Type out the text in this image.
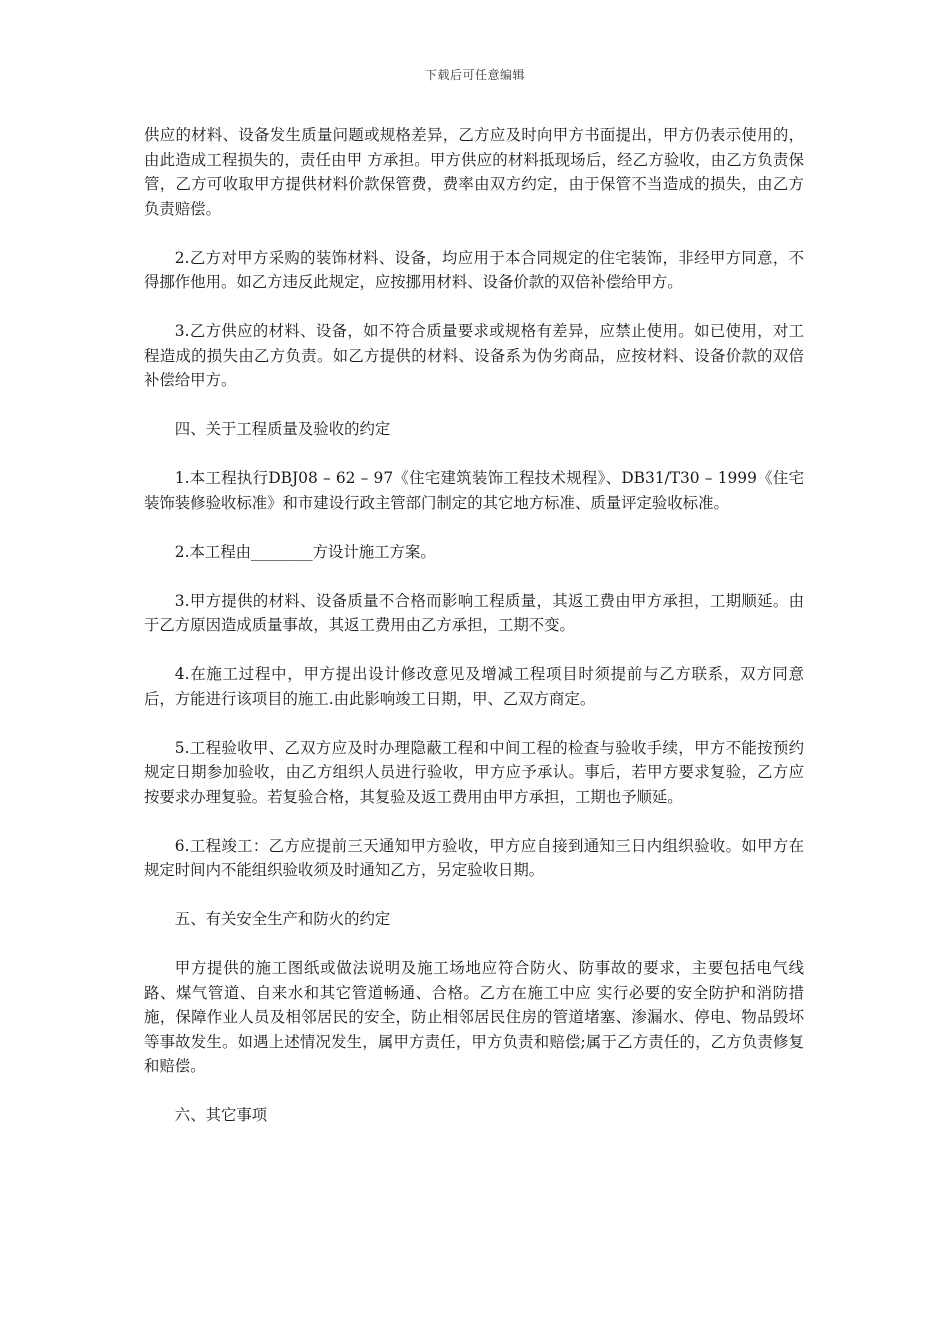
下载后可任意编辑

供应的材料、设备发生质量问题或规格差异，乙方应及时向甲方书面提出，甲方仍表示使用的，由此造成工程损失的，责任由甲 方承担。甲方供应的材料抵现场后，经乙方验收，由乙方负责保管，乙方可收取甲方提供材料价款保管费，费率由双方约定，由于保管不当造成的损失，由乙方负责赔偿。

2.乙方对甲方采购的装饰材料、设备，均应用于本合同规定的住宅装饰，非经甲方同意，不得挪作他用。如乙方违反此规定，应按挪用材料、设备价款的双倍补偿给甲方。

3.乙方供应的材料、设备，如不符合质量要求或规格有差异，应禁止使用。如已使用，对工程造成的损失由乙方负责。如乙方提供的材料、设备系为伪劣商品，应按材料、设备价款的双倍补偿给甲方。

四、关于工程质量及验收的约定

1.本工程执行DBJ08 – 62 – 97《住宅建筑装饰工程技术规程》、DB31/T30 – 1999《住宅装饰装修验收标准》和市建设行政主管部门制定的其它地方标准、质量评定验收标准。

2.本工程由________方设计施工方案。

3.甲方提供的材料、设备质量不合格而影响工程质量，其返工费由甲方承担，工期顺延。由于乙方原因造成质量事故，其返工费用由乙方承担，工期不变。

4.在施工过程中，甲方提出设计修改意见及增减工程项目时须提前与乙方联系，双方同意后，方能进行该项目的施工.由此影响竣工日期，甲、乙双方商定。

5.工程验收甲、乙双方应及时办理隐蔽工程和中间工程的检查与验收手续，甲方不能按预约规定日期参加验收，由乙方组织人员进行验收，甲方应予承认。事后，若甲方要求复验，乙方应按要求办理复验。若复验合格，其复验及返工费用由甲方承担，工期也予顺延。

6.工程竣工：乙方应提前三天通知甲方验收，甲方应自接到通知三日内组织验收。如甲方在规定时间内不能组织验收须及时通知乙方，另定验收日期。

五、有关安全生产和防火的约定

甲方提供的施工图纸或做法说明及施工场地应符合防火、防事故的要求，主要包括电气线路、煤气管道、自来水和其它管道畅通、合格。乙方在施工中应 实行必要的安全防护和消防措施，保障作业人员及相邻居民的安全，防止相邻居民住房的管道堵塞、渗漏水、停电、物品毁坏等事故发生。如遇上述情况发生，属甲方责任，甲方负责和赔偿;属于乙方责任的，乙方负责修复和赔偿。

六、其它事项
